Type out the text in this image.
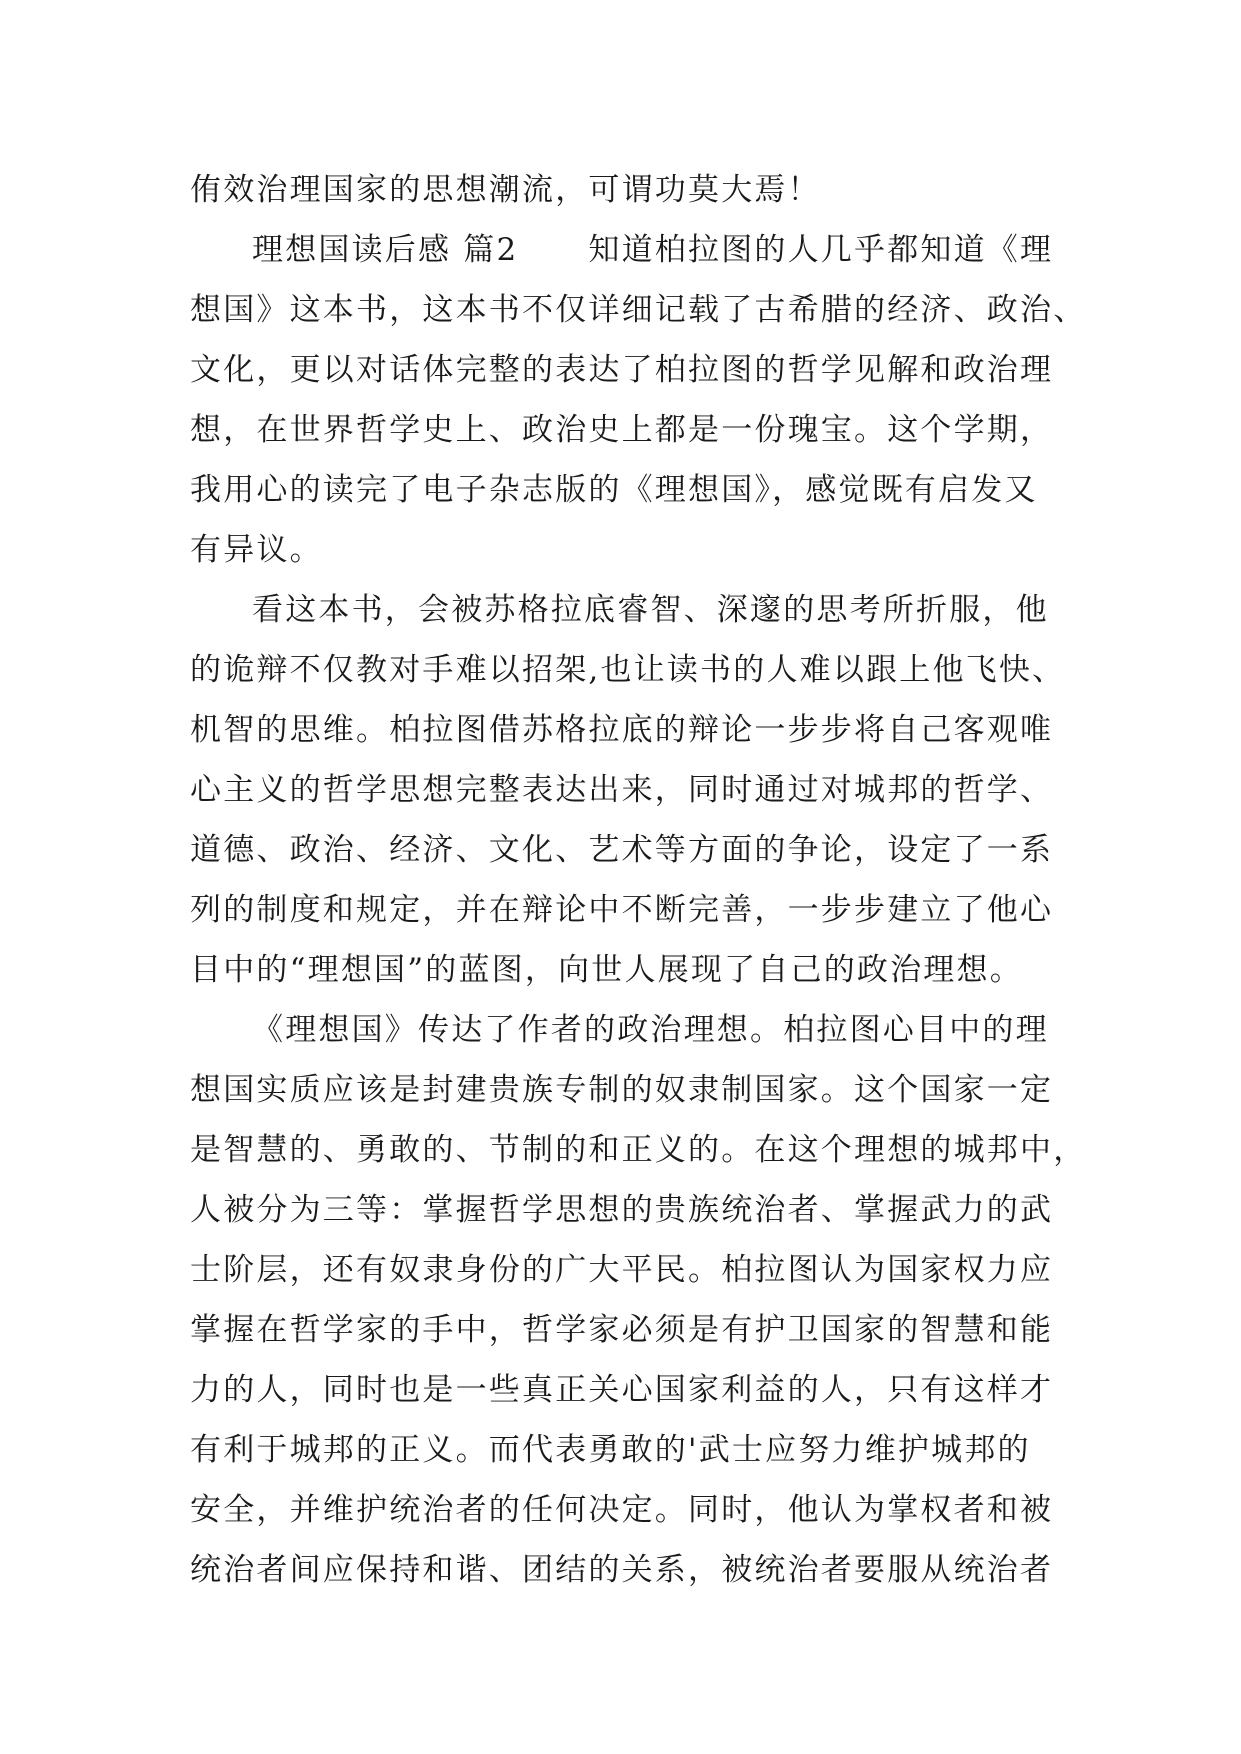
侑效治理国家的思想潮流，可谓功莫大焉！
理想国读后感 篇2 知道柏拉图的人几乎都知道《理
想国》这本书，这本书不仅详细记载了古希腊的经济、政治、
文化，更以对话体完整的表达了柏拉图的哲学见解和政治理
想，在世界哲学史上、政治史上都是一份瑰宝。这个学期，
我用心的读完了电子杂志版的《理想国》，感觉既有启发又
有异议。
看这本书，会被苏格拉底睿智、深邃的思考所折服，他
的诡辩不仅教对手难以招架,也让读书的人难以跟上他飞快、
机智的思维。柏拉图借苏格拉底的辩论一步步将自己客观唯
心主义的哲学思想完整表达出来，同时通过对城邦的哲学、
道德、政治、经济、文化、艺术等方面的争论，设定了一系
列的制度和规定，并在辩论中不断完善，一步步建立了他心
目中的“理想国”的蓝图，向世人展现了自己的政治理想。
《理想国》传达了作者的政治理想。柏拉图心目中的理
想国实质应该是封建贵族专制的奴隶制国家。这个国家一定
是智慧的、勇敢的、节制的和正义的。在这个理想的城邦中，
人被分为三等：掌握哲学思想的贵族统治者、掌握武力的武
士阶层，还有奴隶身份的广大平民。柏拉图认为国家权力应
掌握在哲学家的手中，哲学家必须是有护卫国家的智慧和能
力的人，同时也是一些真正关心国家利益的人，只有这样才
有利于城邦的正义。而代表勇敢的'武士应努力维护城邦的
安全，并维护统治者的任何决定。同时，他认为掌权者和被
统治者间应保持和谐、团结的关系，被统治者要服从统治者
